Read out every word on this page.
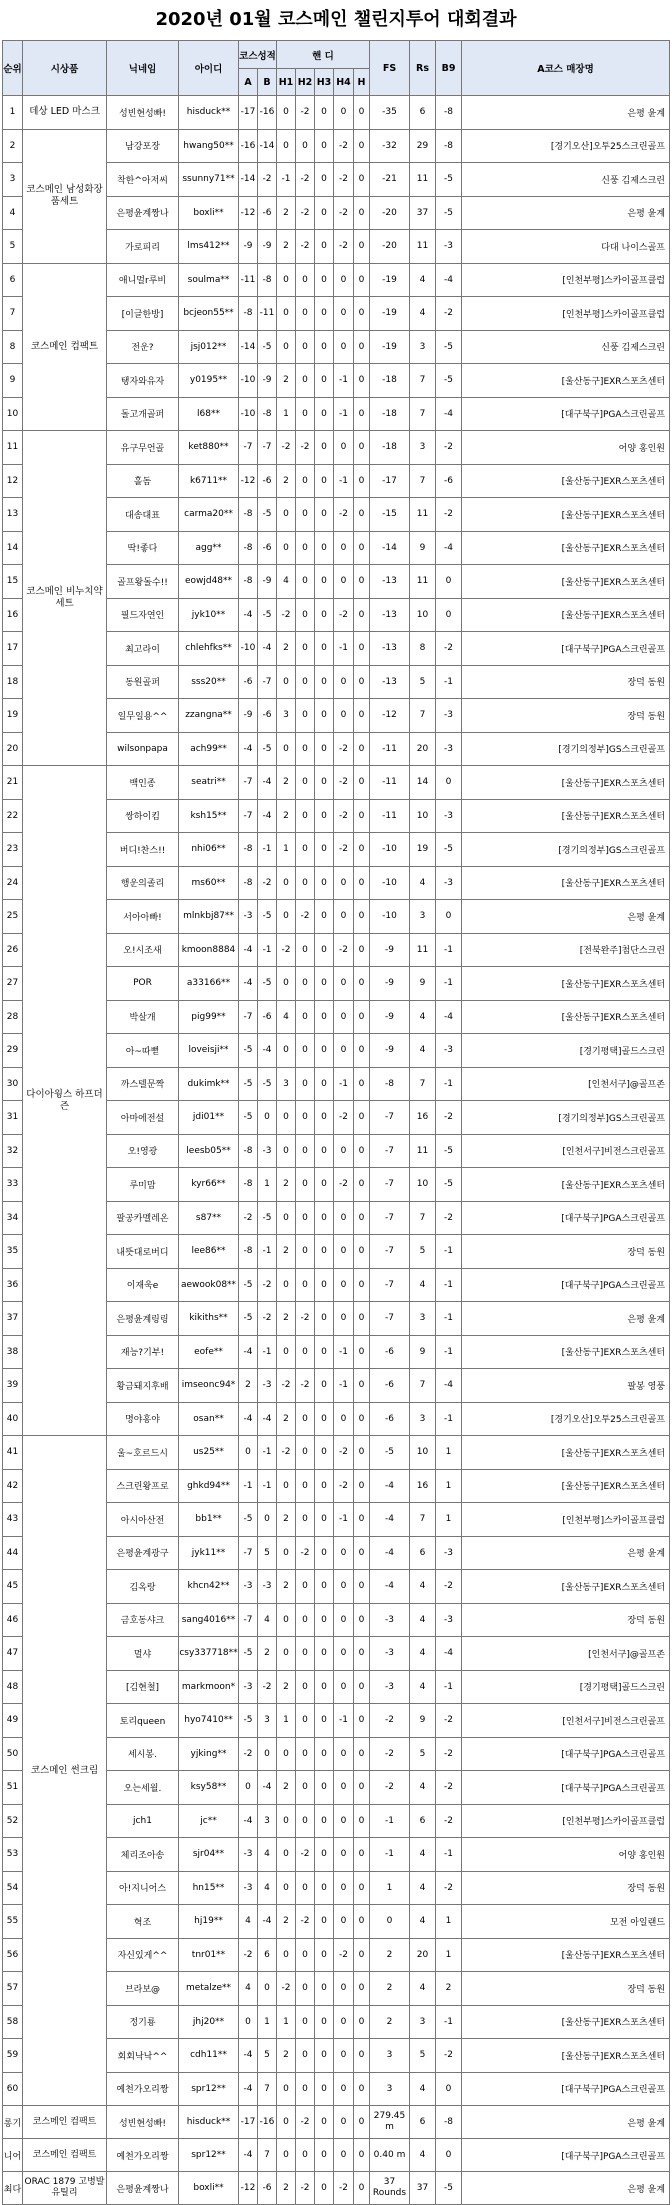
2020년 01월 코스메인 챌린지투어 대회결과
순위	시상품	닉네임	아이디	코스성적		핸 디					FS	Rs	B9	A코스 매장명
				A	B	H1	H2	H3	H4	H				
1	데상 LED 마스크	성빈현성빠!	hisduck**	-17	-16	0	-2	0	0	0	-35	6	-8	은평 윤계
2	코스메인 남성화장품세트	남강포장	hwang50**	-16	-14	0	0	0	-2	0	-32	29	-8	[경기오산]오투25스크린골프
3		착한^아저씨	ssunny71**	-14	-2	-1	-2	0	-2	0	-21	11	-5	신풍 김제스크린
4		은평윤계짱나	boxli**	-12	-6	2	-2	0	-2	0	-20	37	-5	은평 윤계
5		가로피리	lms412**	-9	-9	2	-2	0	-2	0	-20	11	-3	다대 나이스골프
6	코스메인 컴팩트	애니멀r루비	soulma**	-11	-8	0	0	0	0	0	-19	4	-4	[인천부평]스카이골프클럽
7		[이글한방]	bcjeon55**	-8	-11	0	0	0	0	0	-19	4	-2	[인천부평]스카이골프클럽
8		전운?	jsj012**	-14	-5	0	0	0	0	0	-19	3	-5	신풍 김제스크린
9		탱자와유자	y0195**	-10	-9	2	0	0	-1	0	-18	7	-5	[울산동구]EXR스포츠센터
10		돌고개골퍼	l68**	-10	-8	1	0	0	-1	0	-18	7	-4	[대구북구]PGA스크린골프
11	코스메인 비누치약세트	유구무언골	ket880**	-7	-7	-2	-2	0	0	0	-18	3	-2	어양 홍인원
12		홀돔	k6711**	-12	-6	2	0	0	-1	0	-17	7	-6	[울산동구]EXR스포츠센터
13		대송대표	carma20**	-8	-5	0	0	0	-2	0	-15	11	-2	[울산동구]EXR스포츠센터
14		딱!좋다	agg**	-8	-6	0	0	0	0	0	-14	9	-4	[울산동구]EXR스포츠센터
15		골프왕돌수!!	eowjd48**	-8	-9	4	0	0	0	0	-13	11	0	[울산동구]EXR스포츠센터
16		필드자연인	jyk10**	-4	-5	-2	0	0	-2	0	-13	10	0	[울산동구]EXR스포츠센터
17		최고라이	chlehfks**	-10	-4	2	0	0	-1	0	-13	8	-2	[대구북구]PGA스크린골프
18		동원골퍼	sss20**	-6	-7	0	0	0	0	0	-13	5	-1	장덕 동원
19		일무일용^^	zzangna**	-9	-6	3	0	0	0	0	-12	7	-3	장덕 동원
20		wilsonpapa	ach99**	-4	-5	0	0	0	-2	0	-11	20	-3	[경기의정부]GS스크린골프
21	다이아윙스 하프더즌	백인종	seatri**	-7	-4	2	0	0	-2	0	-11	14	0	[울산동구]EXR스포츠센터
22		쌍하이킴	ksh15**	-7	-4	2	0	0	-2	0	-11	10	-3	[울산동구]EXR스포츠센터
23		버디!찬스!!	nhi06**	-8	-1	1	0	0	-2	0	-10	19	-5	[경기의정부]GS스크린골프
24		행운의졸리	ms60**	-8	-2	0	0	0	0	0	-10	4	-3	[울산동구]EXR스포츠센터
25		서아아빠!	mlnkbj87**	-3	-5	0	-2	0	0	0	-10	3	0	은평 윤계
26		오!시조새	kmoon8884	-4	-1	-2	0	0	-2	0	-9	11	-1	[전북완주]첨단스크린
27		POR	a33166**	-4	-5	0	0	0	0	0	-9	9	-1	[울산동구]EXR스포츠센터
28		박살개	pig99**	-7	-6	4	0	0	0	0	-9	4	-4	[울산동구]EXR스포츠센터
29		아~따뻗	loveisji**	-5	-4	0	0	0	0	0	-9	4	-3	[경기평택]골드스크린
30		까스텔문짝	dukimk**	-5	-5	3	0	0	-1	0	-8	7	-1	[인천서구]@골프존
31		아마에전설	jdi01**	-5	0	0	0	0	-2	0	-7	16	-2	[경기의정부]GS스크린골프
32		오!영광	leesb05**	-8	-3	0	0	0	0	0	-7	11	-5	[인천서구]비전스크린골프
33		루미맘	kyr66**	-8	1	2	0	0	-2	0	-7	10	-5	[울산동구]EXR스포츠센터
34		팔공카멜레온	s87**	-2	-5	0	0	0	0	0	-7	7	-2	[대구북구]PGA스크린골프
35		내뜻대로버디	lee86**	-8	-1	2	0	0	0	0	-7	5	-1	장덕 동원
36		이재욱e	aewook08**	-5	-2	0	0	0	0	0	-7	4	-1	[대구북구]PGA스크린골프
37		은평윤계링링	kikiths**	-5	-2	2	-2	0	0	0	-7	3	-1	은평 윤계
38		재능?기부!	eofe**	-4	-1	0	0	0	-1	0	-6	9	-1	[울산동구]EXR스포츠센터
39		황금돼지후배	imseonc94*	2	-3	-2	-2	0	-1	0	-6	7	-4	팔봉 영풍
40		명야홍야	osan**	-4	-4	2	0	0	0	0	-6	3	-1	[경기오산]오투25스크린골프
41	코스메인 썬크림	울~호르드시	us25**	0	-1	-2	0	0	-2	0	-5	10	1	[울산동구]EXR스포츠센터
42		스크린왕프로	ghkd94**	-1	-1	0	0	0	-2	0	-4	16	1	[울산동구]EXR스포츠센터
43		아시아산전	bb1**	-5	0	2	0	0	-1	0	-4	7	1	[인천부평]스카이골프클럽
44		은평윤계광구	jyk11**	-7	5	0	-2	0	0	0	-4	6	-3	은평 윤계
45		김옥랑	khcn42**	-3	-3	2	0	0	0	0	-4	4	-2	[울산동구]EXR스포츠센터
46		금호동샤크	sang4016**	-7	4	0	0	0	0	0	-3	4	-3	장덕 동원
47		멀샤	csy337718**	-5	2	0	0	0	0	0	-3	4	-4	[인천서구]@골프존
48		[김현철]	markmoon*	-3	-2	2	0	0	0	0	-3	4	-1	[경기평택]골드스크린
49		토리queen	hyo7410**	-5	3	1	0	0	-1	0	-2	9	-2	[인천서구]비전스크린골프
50		세시봉.	yjking**	-2	0	0	0	0	0	0	-2	5	-2	[대구북구]PGA스크린골프
51		오는세월.	ksy58**	0	-4	2	0	0	0	0	-2	4	-2	[대구북구]PGA스크린골프
52		jch1	jc**	-4	3	0	0	0	0	0	-1	6	-2	[인천부평]스카이골프클럽
53		체리조아송	sjr04**	-3	4	0	-2	0	0	0	-1	4	-1	어양 홍인원
54		아!지니어스	hn15**	-3	4	0	0	0	0	0	1	4	-2	장덕 동원
55		혁조	hj19**	4	-4	2	-2	0	0	0	0	4	1	모전 아일랜드
56		자신있게^^	tnr01**	-2	6	0	0	0	-2	0	2	20	1	[울산동구]EXR스포츠센터
57		브라보@	metalze**	4	0	-2	0	0	0	0	2	4	2	장덕 동원
58		정기룡	jhj20**	0	1	1	0	0	0	0	2	3	-1	[울산동구]EXR스포츠센터
59		회회낙낙^^	cdh11**	-4	5	2	0	0	0	0	3	5	-2	[울산동구]EXR스포츠센터
60		예천가오리짱	spr12**	-4	7	0	0	0	0	0	3	4	0	[대구북구]PGA스크린골프
롱기	코스메인 컴팩트	성빈현성빠!	hisduck**	-17	-16	0	-2	0	0	0	279.45 m	6	-8	은평 윤계
니어	코스메인 컴팩트	예천가오리짱	spr12**	-4	7	0	0	0	0	0	0.40 m	4	0	[대구북구]PGA스크린골프
최다	ORAC 1879 고병발 유틸리	은평윤계짱나	boxli**	-12	-6	2	-2	0	-2	0	37 Rounds	37	-5	은평 윤계
